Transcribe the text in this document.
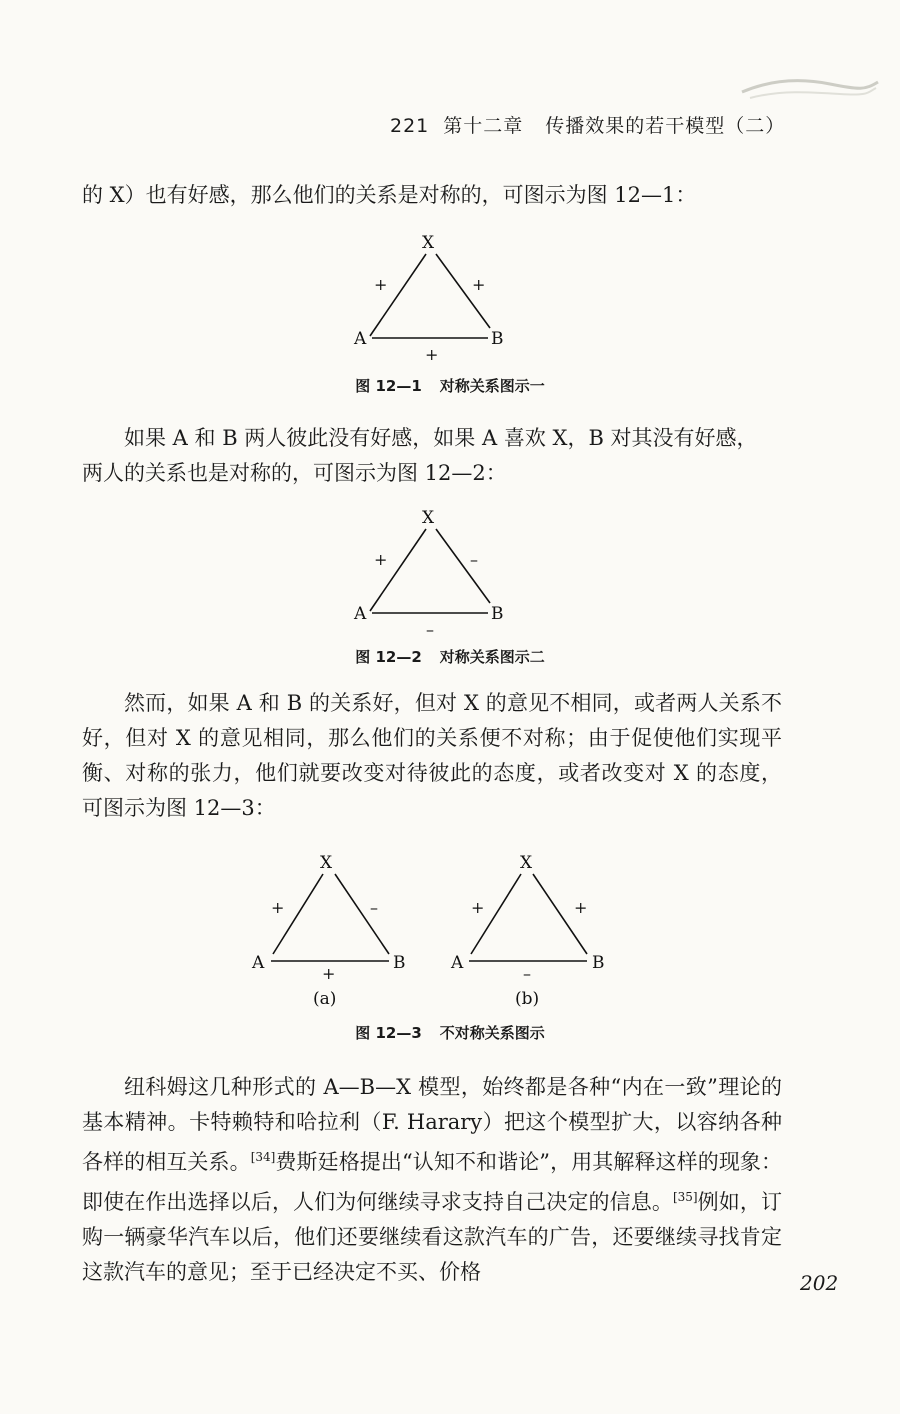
221 第十二章 传播效果的若干模型（二）

的 X）也有好感，那么他们的关系是对称的，可图示为图 12—1：

X
A	B
+	+
+
图 12—1 对称关系图示一

如果 A 和 B 两人彼此没有好感，如果 A 喜欢 X，B 对其没有好感，

两人的关系也是对称的，可图示为图 12—2：

X
A	B
+	–
–
图 12—2 对称关系图示二

然而，如果 A 和 B 的关系好，但对 X 的意见不相同，或者两人关系不好，但对 X 的意见相同，那么他们的关系便不对称；由于促使他们实现平衡、对称的张力，他们就要改变对待彼此的态度，或者改变对 X 的态度，可图示为图 12—3：

X
A	B
+	–
+
(a)
X
A	B
+	+
–
(b)
图 12—3 不对称关系图示

纽科姆这几种形式的 A—B—X 模型，始终都是各种“内在一致”理论的基本精神。卡特赖特和哈拉利（F. Harary）把这个模型扩大，以容纳各种各样的相互关系。[34]费斯廷格提出“认知不和谐论”，用其解释这样的现象：即使在作出选择以后，人们为何继续寻求支持自己决定的信息。[35]例如，订购一辆豪华汽车以后，他们还要继续看这款汽车的广告，还要继续寻找肯定这款汽车的意见；至于已经决定不买、价格	202
